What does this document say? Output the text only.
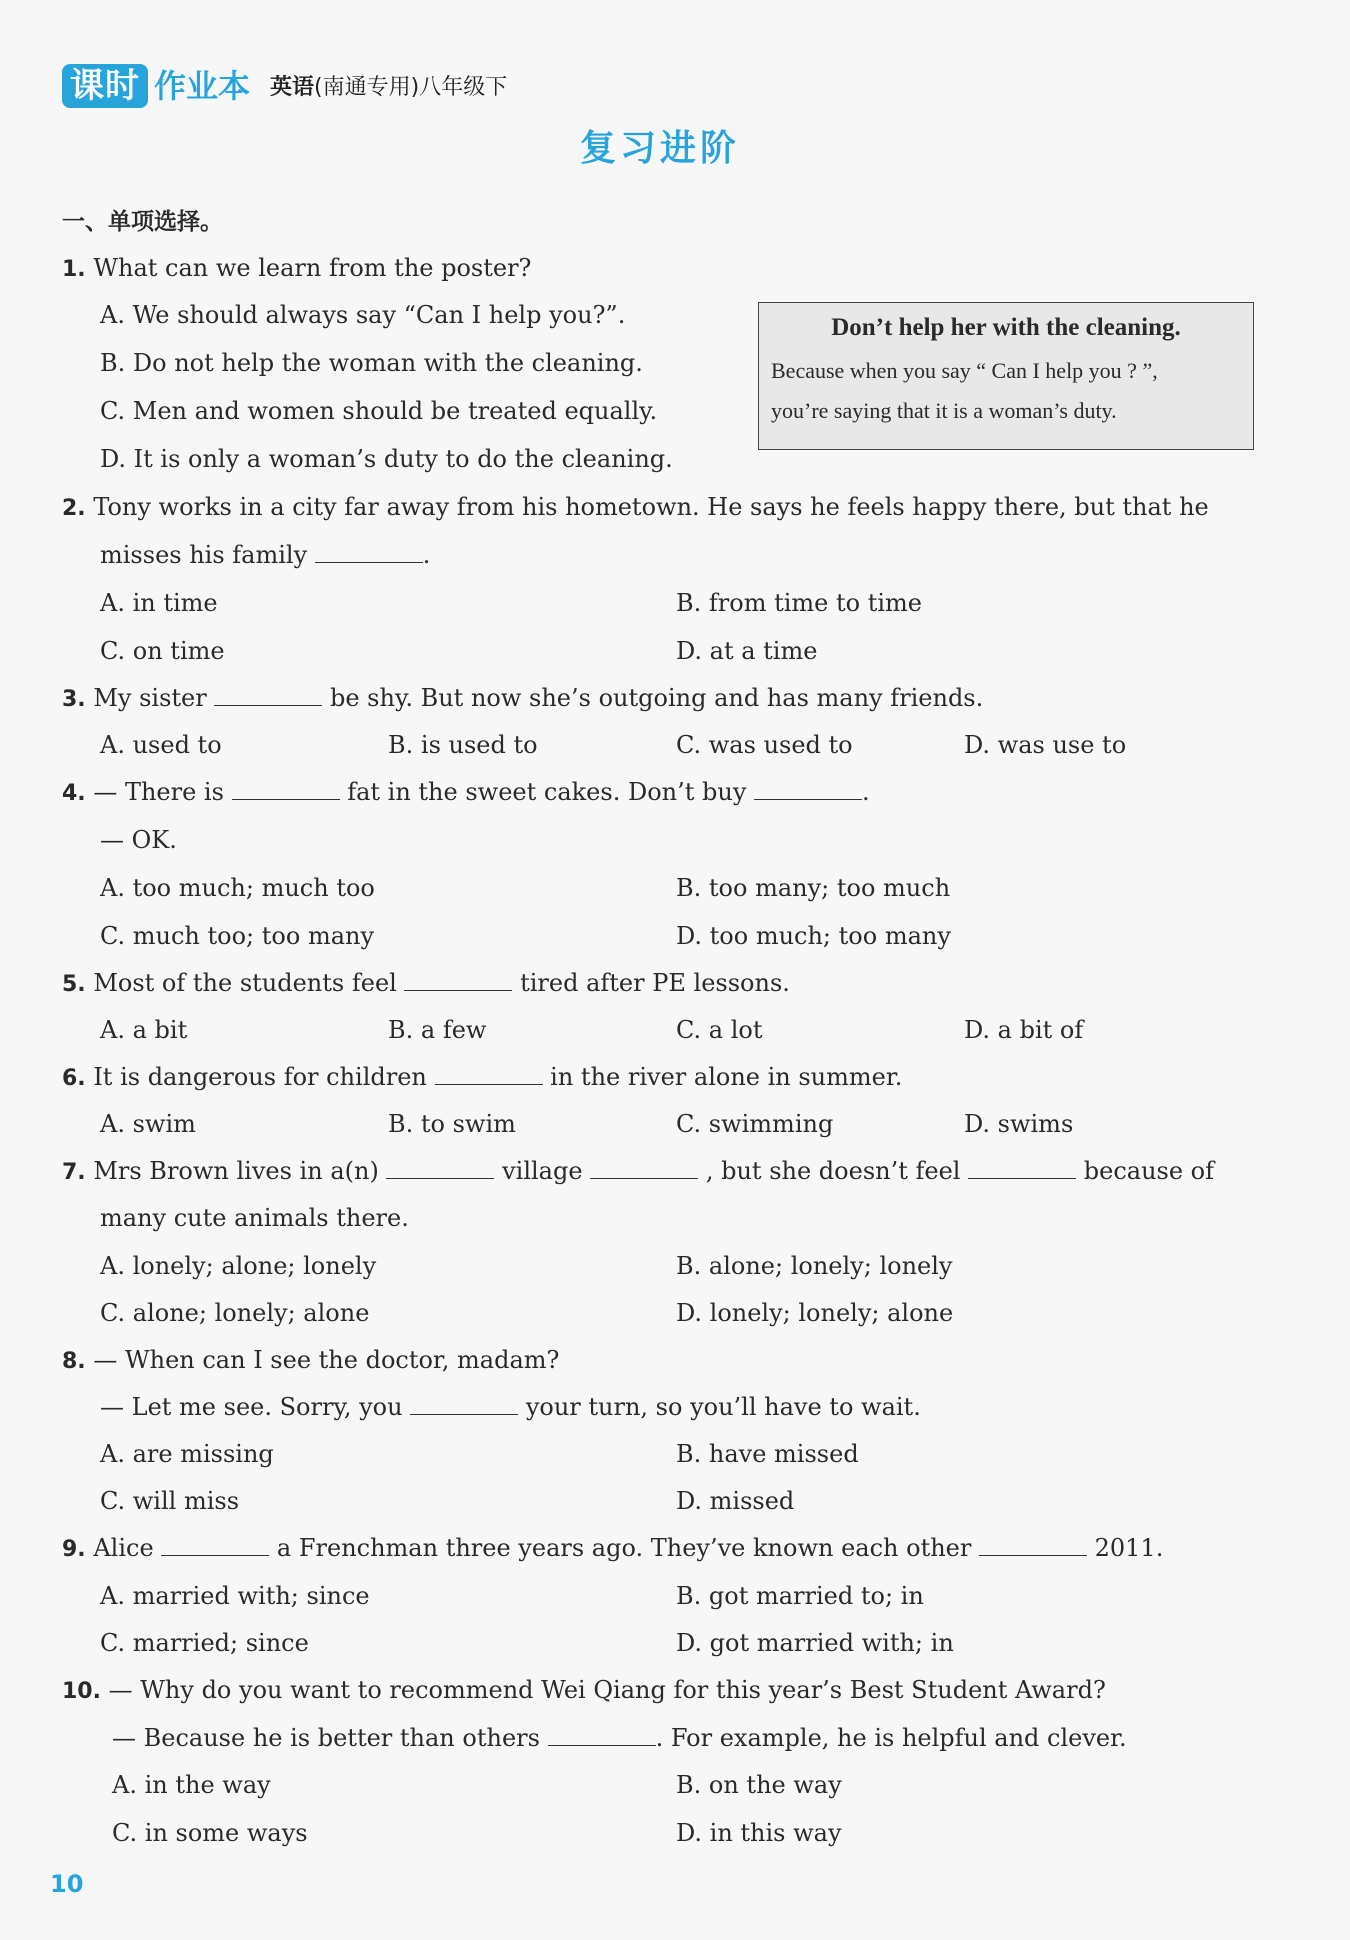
课时 作业本 英语(南通专用)八年级下
复习进阶
一、单项选择。
1. What can we learn from the poster?
A. We should always say “Can I help you?”.
B. Do not help the woman with the cleaning.
C. Men and women should be treated equally.
D. It is only a woman’s duty to do the cleaning.
Don’t help her with the cleaning.
Because when you say “ Can I help you ? ”,
you’re saying that it is a woman’s duty.
2. Tony works in a city far away from his hometown. He says he feels happy there, but that he
misses his family	.
A. in time	B. from time to time
C. on time	D. at a time
3. My sister	be shy. But now she’s outgoing and has many friends.
A. used to	B. is used to	C. was used to	D. was use to
4. — There is	fat in the sweet cakes. Don’t buy	.
— OK.
A. too much; much too	B. too many; too much
C. much too; too many	D. too much; too many
5. Most of the students feel	tired after PE lessons.
A. a bit	B. a few	C. a lot	D. a bit of
6. It is dangerous for children	in the river alone in summer.
A. swim	B. to swim	C. swimming	D. swims
7. Mrs Brown lives in a(n)	village	, but she doesn’t feel	because of
many cute animals there.
A. lonely; alone; lonely	B. alone; lonely; lonely
C. alone; lonely; alone	D. lonely; lonely; alone
8. — When can I see the doctor, madam?
— Let me see. Sorry, you	your turn, so you’ll have to wait.
A. are missing	B. have missed
C. will miss	D. missed
9. Alice	a Frenchman three years ago. They’ve known each other	2011.
A. married with; since	B. got married to; in
C. married; since	D. got married with; in
10. — Why do you want to recommend Wei Qiang for this year’s Best Student Award?
— Because he is better than others	. For example, he is helpful and clever.
A. in the way	B. on the way
C. in some ways	D. in this way
10
